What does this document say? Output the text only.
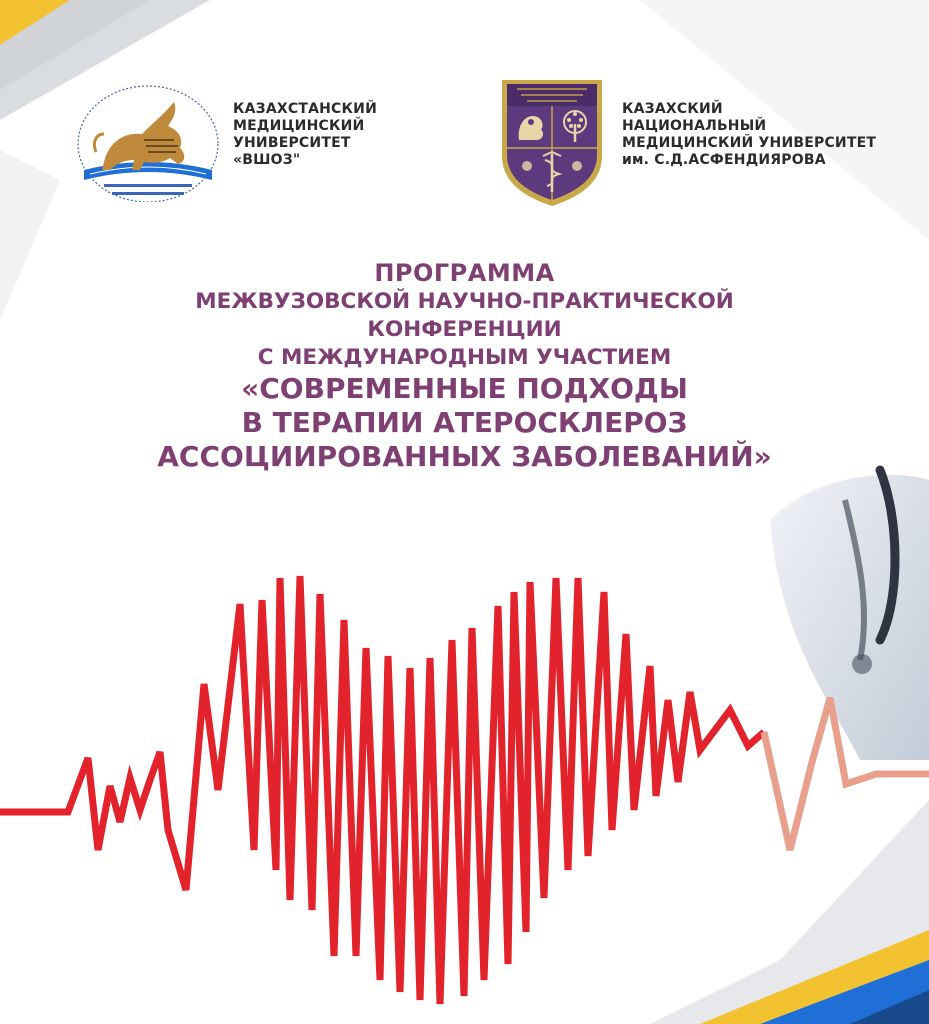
КАЗАХСТАНСКИЙ
МЕДИЦИНСКИЙ
УНИВЕРСИТЕТ
«ВШОЗ"
КАЗАХСКИЙ
НАЦИОНАЛЬНЫЙ
МЕДИЦИНСКИЙ УНИВЕРСИТЕТ
им. С.Д.АСФЕНДИЯРОВА
ПРОГРАММА
МЕЖВУЗОВСКОЙ НАУЧНО-ПРАКТИЧЕСКОЙ
КОНФЕРЕНЦИИ
С МЕЖДУНАРОДНЫМ УЧАСТИЕМ
«СОВРЕМЕННЫЕ ПОДХОДЫ
В ТЕРАПИИ АТЕРОСКЛЕРОЗ
АССОЦИИРОВАННЫХ ЗАБОЛЕВАНИЙ»
